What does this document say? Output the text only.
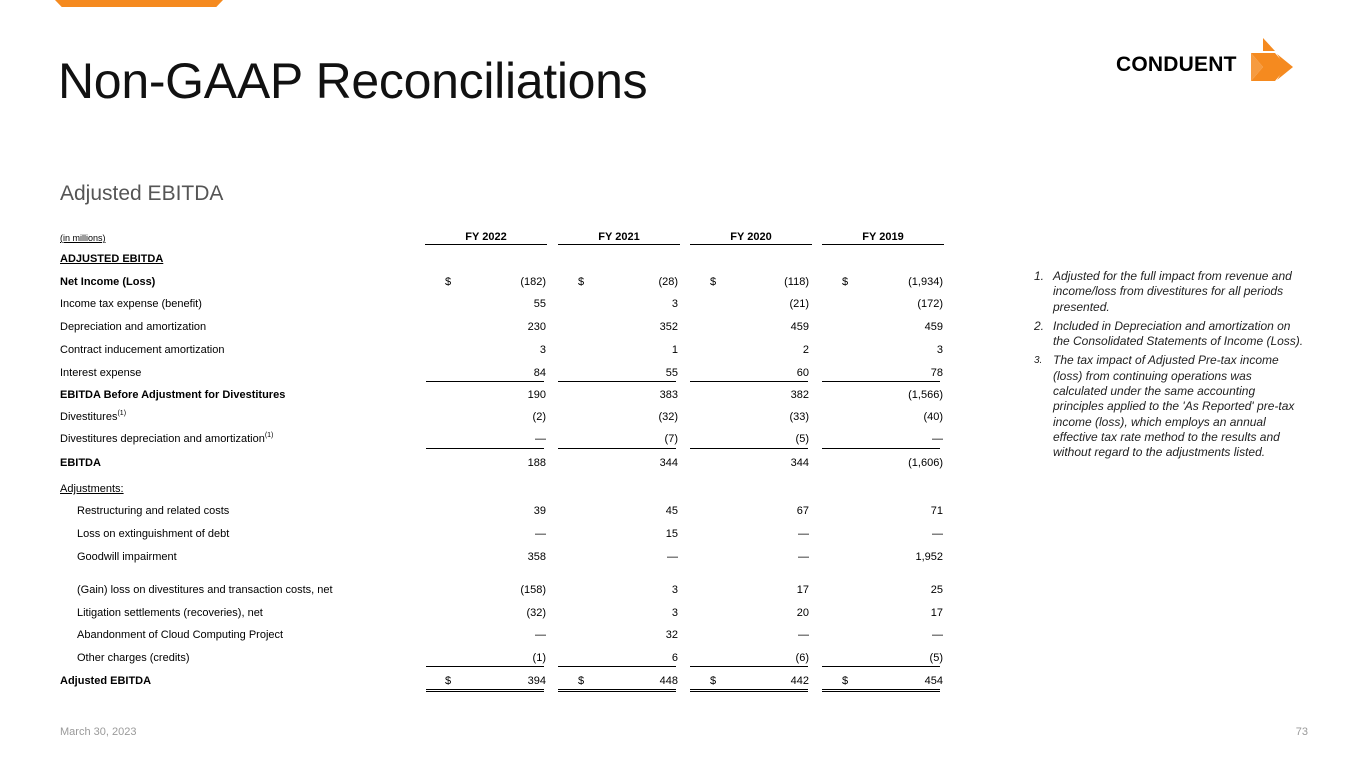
Non-GAAP Reconciliations	CONDUENT
Adjusted EBITDA
(in millions)	FY 2022	FY 2021	FY 2020	FY 2019
ADJUSTED EBITDA
Net Income (Loss)	$	(182)	$	(28)	$	(118)	$	(1,934)
Income tax expense (benefit)	55	3	(21)	(172)
Depreciation and amortization	230	352	459	459
Contract inducement amortization	3	1	2	3
Interest expense	84	55	60	78
EBITDA Before Adjustment for Divestitures	190	383	382	(1,566)
Divestitures$^{(1)}$	(2)	(32)	(33)	(40)
Divestitures depreciation and amortization$^{(1)}$	—	(7)	(5)	—
EBITDA	188	344	344	(1,606)
Adjustments:
Restructuring and related costs	39	45	67	71
Loss on extinguishment of debt	—	15	—	—
Goodwill impairment	358	—	—	1,952
(Gain) loss on divestitures and transaction costs, net	(158)	3	17	25
Litigation settlements (recoveries), net	(32)	3	20	17
Abandonment of Cloud Computing Project	—	32	—	—
Other charges (credits)	(1)	6	(6)	(5)
Adjusted EBITDA	$	394	$	448	$	442	$	454
1. Adjusted for the full impact from revenue and income/loss from divestitures for all periods presented.
2. Included in Depreciation and amortization on the Consolidated Statements of Income (Loss).
3. The tax impact of Adjusted Pre-tax income (loss) from continuing operations was calculated under the same accounting principles applied to the 'As Reported' pre-tax income (loss), which employs an annual effective tax rate method to the results and without regard to the adjustments listed.
March 30, 2023	73
